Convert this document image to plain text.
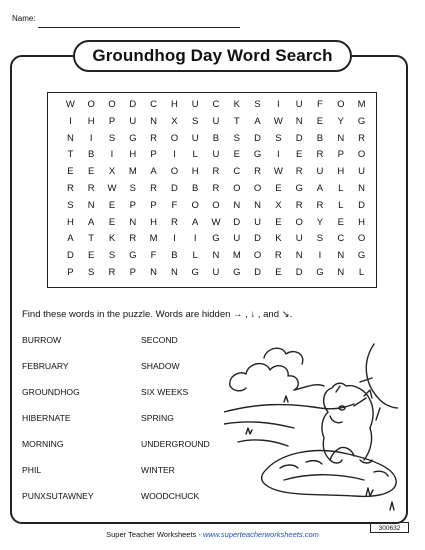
Name:
Groundhog Day Word Search
W	O	O	D	C	H	U	C	K	S	I	U	F	O	M
I	H	P	U	N	X	S	U	T	A	W	N	E	Y	G
N	I	S	G	R	O	U	B	S	D	S	D	B	N	R
T	B	I	H	P	I	L	U	E	G	I	E	R	P	O
E	E	X	M	A	O	H	R	C	R	W	R	U	H	U
R	R	W	S	R	D	B	R	O	O	E	G	A	L	N
S	N	E	P	P	F	O	O	N	N	X	R	R	L	D
H	A	E	N	H	R	A	W	D	U	E	O	Y	E	H
A	T	K	R	M	I	I	G	U	D	K	U	S	C	O
D	E	S	G	F	B	L	N	M	O	R	N	I	N	G
P	S	R	P	N	N	G	U	G	D	E	D	G	N	L
Find these words in the puzzle. Words are hidden → , ↓ , and ↘.
BURROW
FEBRUARY
GROUNDHOG
HIBERNATE
MORNING
PHIL
PUNXSUTAWNEY
SECOND
SHADOW
SIX WEEKS
SPRING
UNDERGROUND
WINTER
WOODCHUCK
Super Teacher Worksheets - www.superteacherworksheets.com
300632
